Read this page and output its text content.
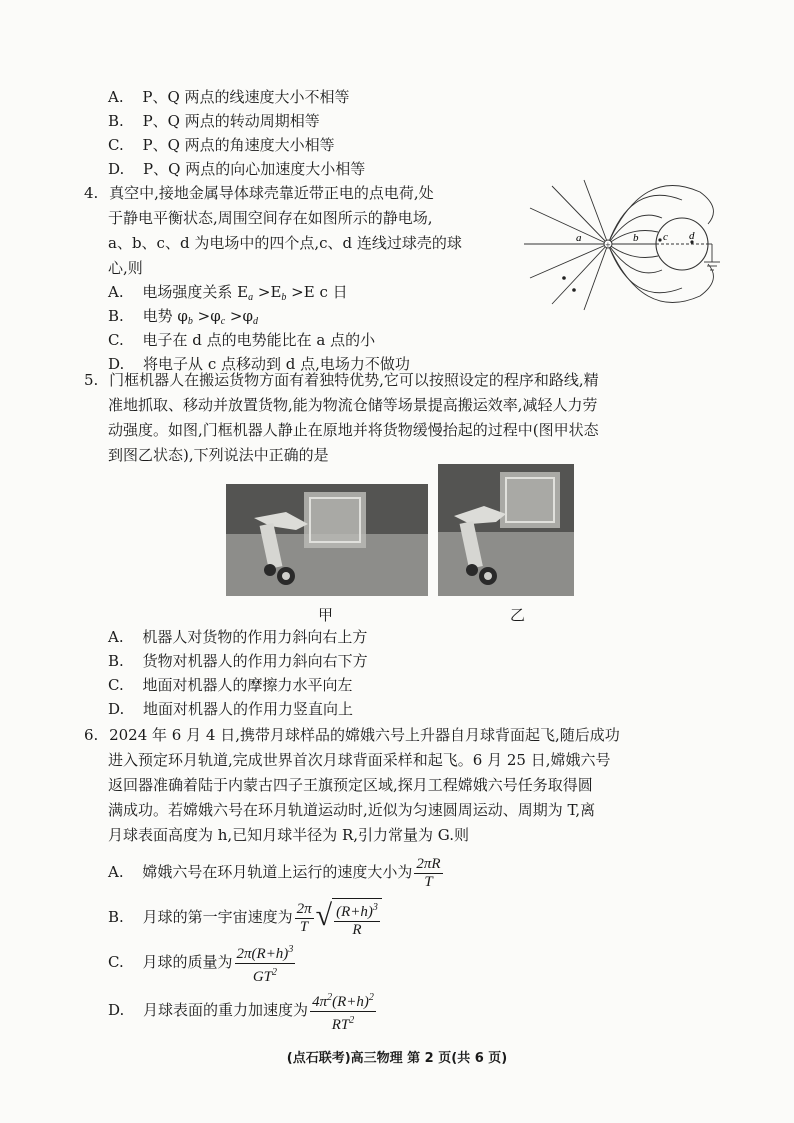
A. P、Q 两点的线速度大小不相等
B. P、Q 两点的转动周期相等
C. P、Q 两点的角速度大小相等
D. P、Q 两点的向心加速度大小相等
4. 真空中,接地金属导体球壳靠近带正电的点电荷,处
于静电平衡状态,周围空间存在如图所示的静电场,
a、b、c、d 为电场中的四个点,c、d 连线过球壳的球
心,则
A. 电场强度关系 $E_a >E_b >E$ c 日
B. 电势 $\varphi_b >\varphi_c >\varphi_d$
C. 电子在 d 点的电势能比在 a 点的小
D. 将电子从 c 点移动到 d 点,电场力不做功
+
a	b c d
5. 门框机器人在搬运货物方面有着独特优势,它可以按照设定的程序和路线,精
准地抓取、移动并放置货物,能为物流仓储等场景提高搬运效率,减轻人力劳
动强度。如图,门框机器人静止在原地并将货物缓慢抬起的过程中(图甲状态
到图乙状态),下列说法中正确的是
甲	乙
A. 机器人对货物的作用力斜向右上方
B. 货物对机器人的作用力斜向右下方
C. 地面对机器人的摩擦力水平向左
D. 地面对机器人的作用力竖直向上
6. 2024 年 6 月 4 日,携带月球样品的嫦娥六号上升器自月球背面起飞,随后成功
进入预定环月轨道,完成世界首次月球背面采样和起飞。6 月 25 日,嫦娥六号
返回器准确着陆于内蒙古四子王旗预定区域,探月工程嫦娥六号任务取得圆
满成功。若嫦娥六号在环月轨道运动时,近似为匀速圆周运动、周期为 T,离
月球表面高度为 h,已知月球半径为 R,引力常量为 G.则
A. 嫦娥六号在环月轨道上运行的速度大小为 $\frac{2\pi R}{T}$
B. 月球的第一宇宙速度为 $\frac{2\pi}{T}$ √ $\frac{(R+h)^3}{R}$
C. 月球的质量为 $\frac{2\pi(R+h)^3}{GT^2}$
D. 月球表面的重力加速度为 $\frac{4\pi^2(R+h)^2}{RT^2}$
(点石联考)高三物理 第 2 页(共 6 页)
